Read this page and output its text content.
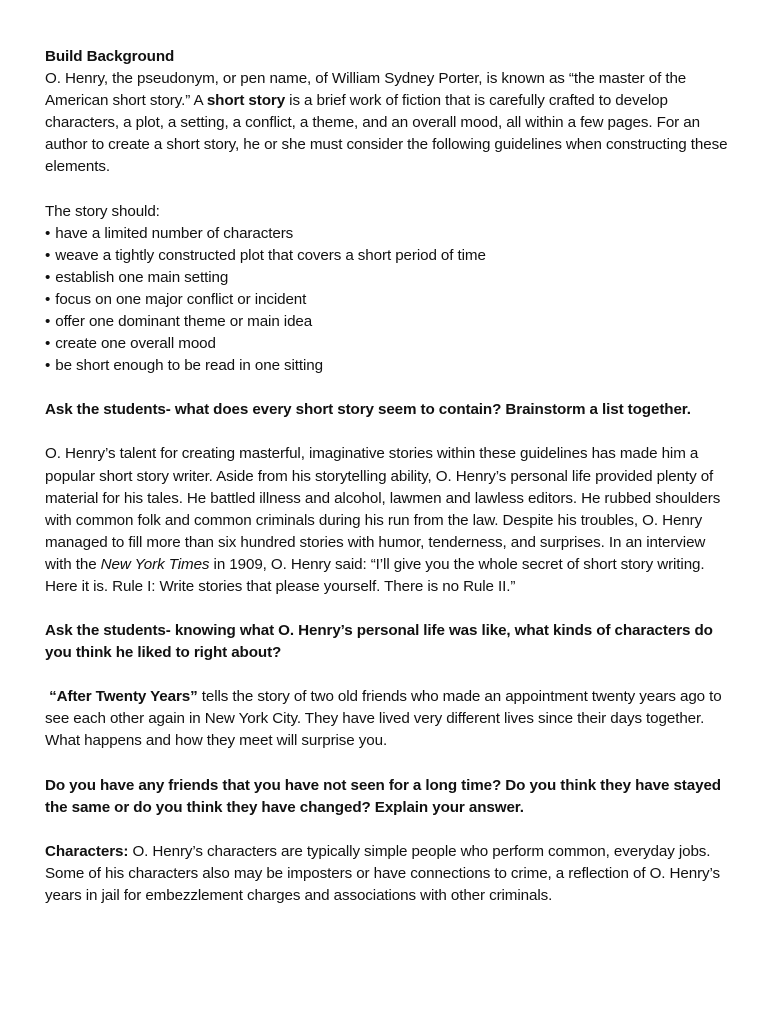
Build Background
O. Henry, the pseudonym, or pen name, of William Sydney Porter, is known as “the master of the American short story.” A short story is a brief work of fiction that is carefully crafted to develop characters, a plot, a setting, a conflict, a theme, and an overall mood, all within a few pages. For an author to create a short story, he or she must consider the following guidelines when constructing these elements.

The story should:
• have a limited number of characters
• weave a tightly constructed plot that covers a short period of time
• establish one main setting
• focus on one major conflict or incident
• offer one dominant theme or main idea
• create one overall mood
• be short enough to be read in one sitting

Ask the students- what does every short story seem to contain? Brainstorm a list together.

O. Henry’s talent for creating masterful, imaginative stories within these guidelines has made him a popular short story writer. Aside from his storytelling ability, O. Henry’s personal life provided plenty of material for his tales. He battled illness and alcohol, lawmen and lawless editors. He rubbed shoulders with common folk and common criminals during his run from the law. Despite his troubles, O. Henry managed to fill more than six hundred stories with humor, tenderness, and surprises. In an interview with the New York Times in 1909, O. Henry said: “I’ll give you the whole secret of short story writing. Here it is. Rule I: Write stories that please yourself. There is no Rule II.”

Ask the students- knowing what O. Henry’s personal life was like, what kinds of characters do you think he liked to right about?

“After Twenty Years” tells the story of two old friends who made an appointment twenty years ago to see each other again in New York City. They have lived very different lives since their days together. What happens and how they meet will surprise you.

Do you have any friends that you have not seen for a long time? Do you think they have stayed the same or do you think they have changed? Explain your answer.

Characters: O. Henry’s characters are typically simple people who perform common, everyday jobs. Some of his characters also may be imposters or have connections to crime, a reflection of O. Henry’s years in jail for embezzlement charges and associations with other criminals.
